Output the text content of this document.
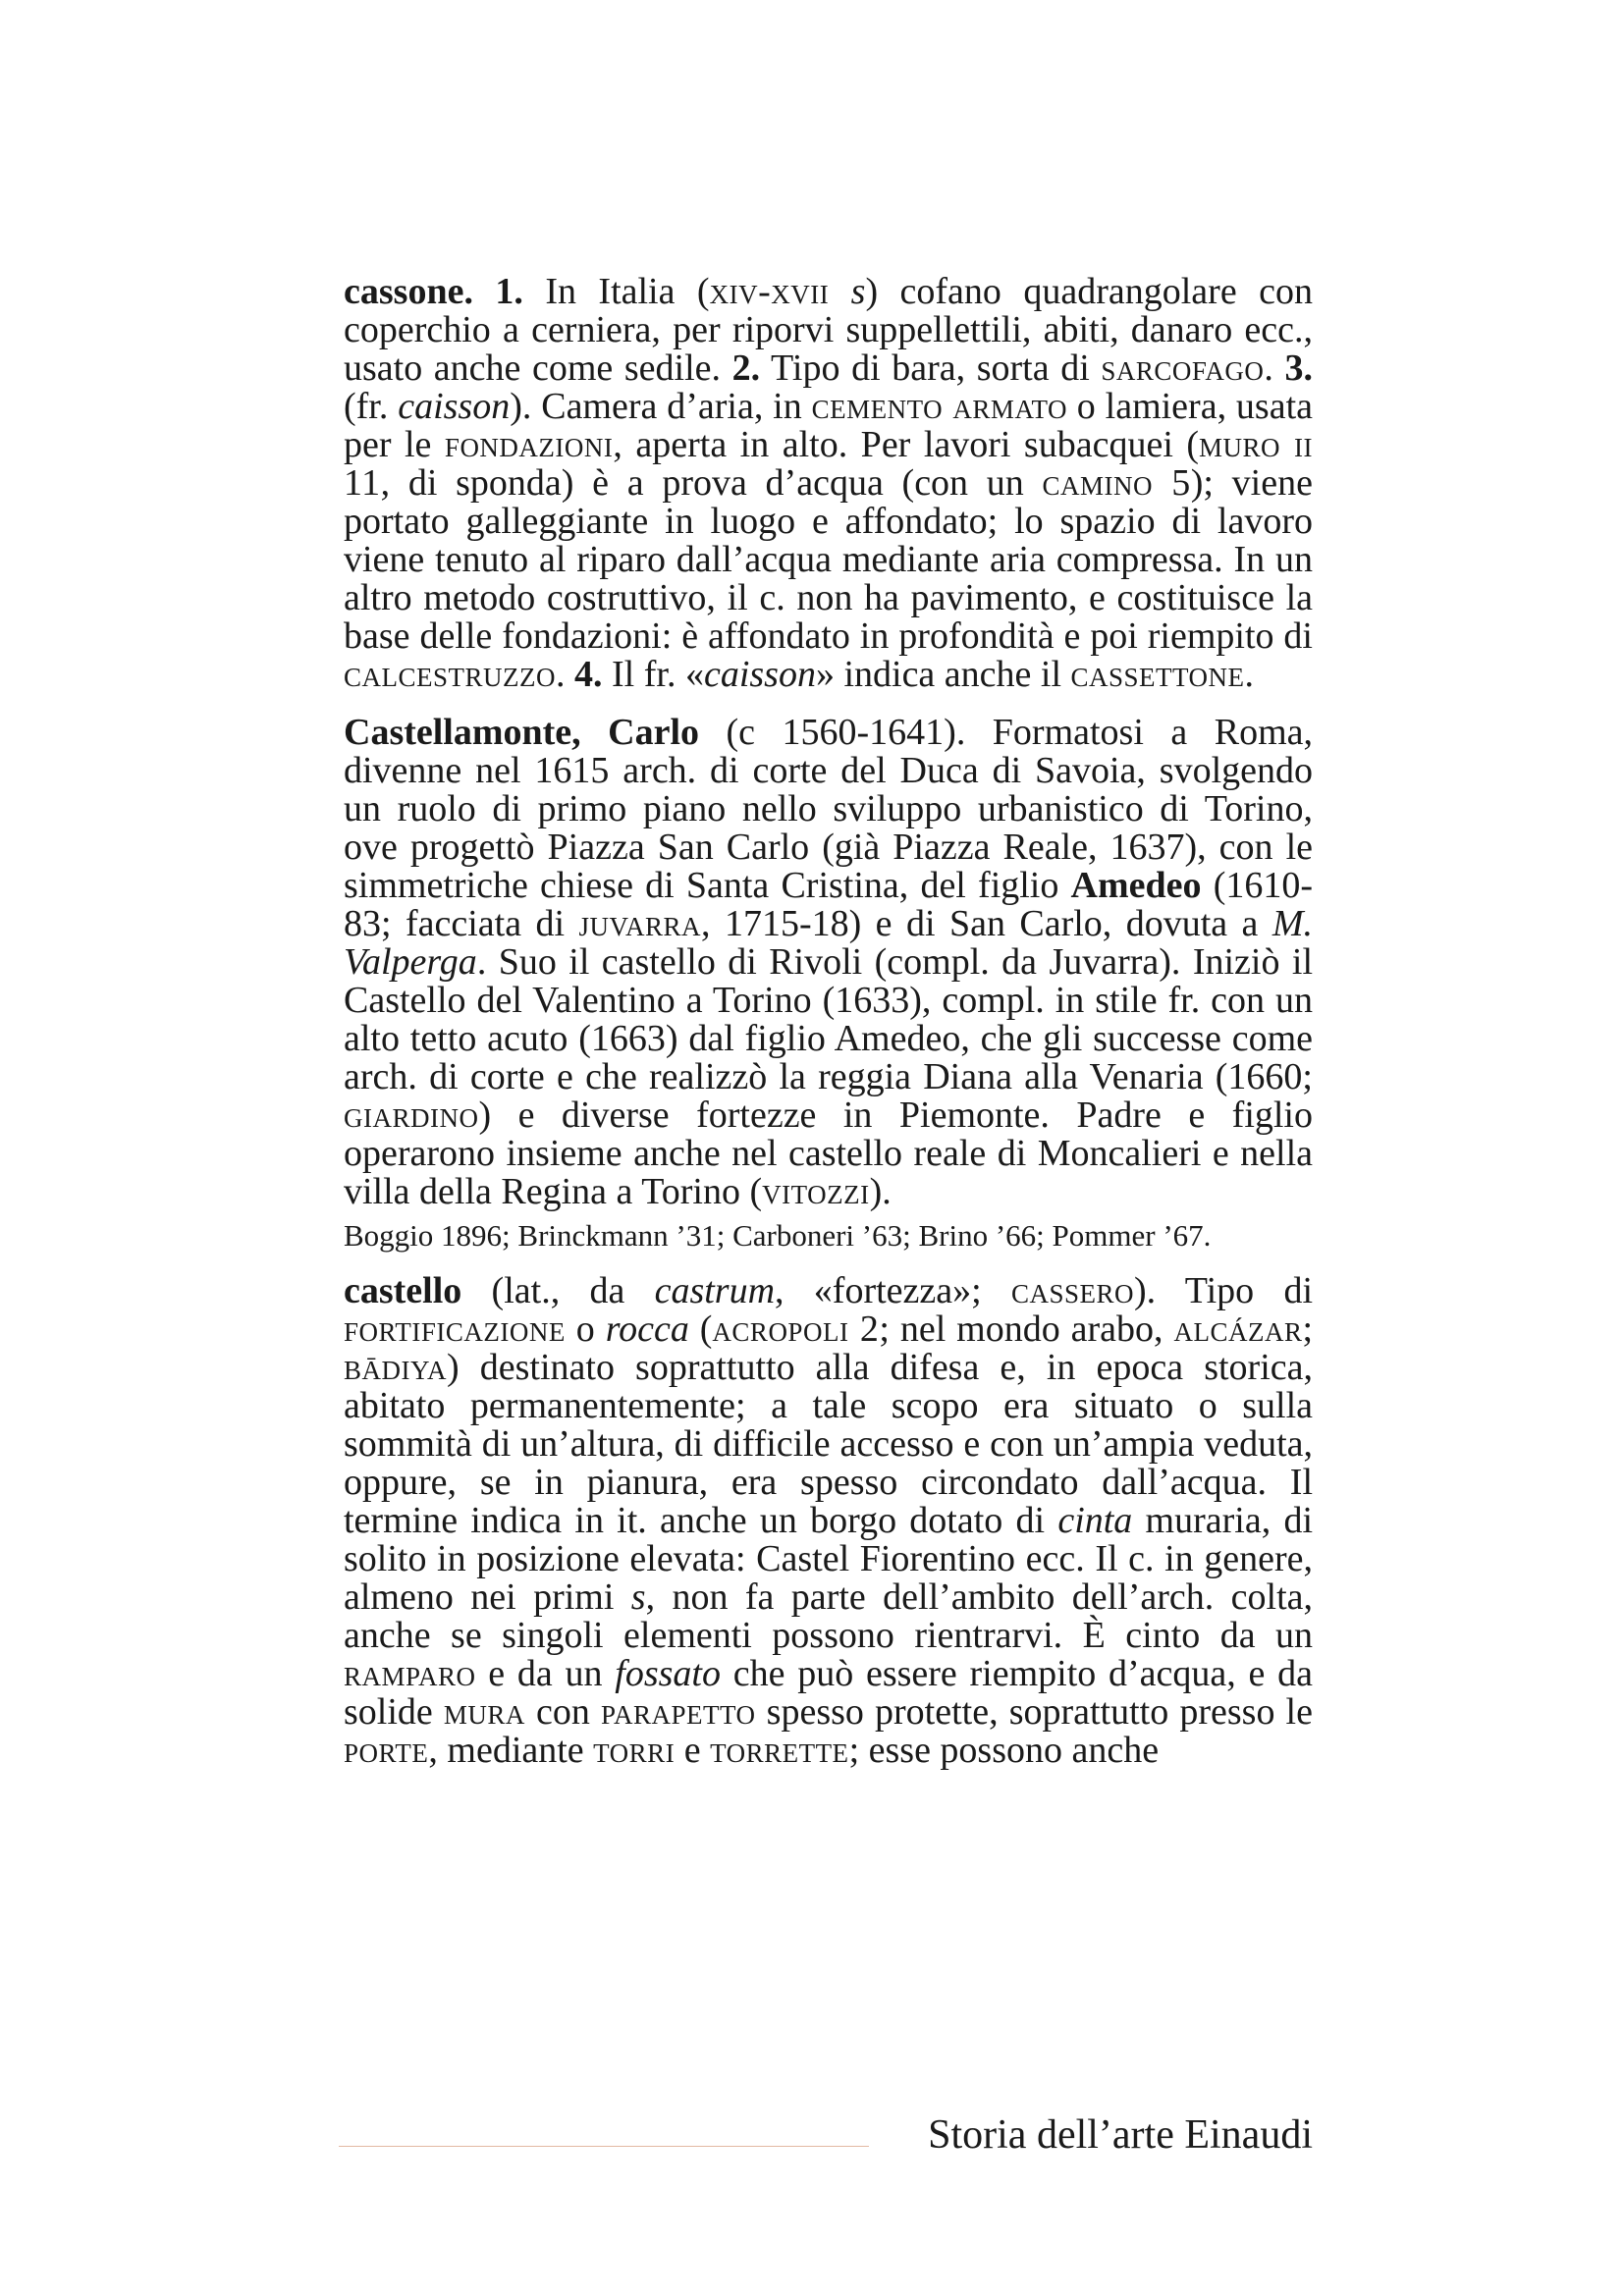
cassone. 1. In Italia (xiv-xvii s) cofano quadrangolare con coperchio a cerniera, per riporvi suppellettili, abiti, danaro ecc., usato anche come sedile. 2. Tipo di bara, sorta di sarcofago. 3. (fr. caisson). Camera d’aria, in cemento armato o lamiera, usata per le fondazioni, aperta in alto. Per lavori subacquei (muro ii 11, di sponda) è a prova d’acqua (con un camino 5); viene portato galleggiante in luogo e affondato; lo spazio di lavoro viene tenuto al riparo dall’acqua mediante aria compressa. In un altro metodo costruttivo, il c. non ha pavimento, e costituisce la base delle fondazioni: è affondato in profondità e poi riempito di calcestruzzo. 4. Il fr. «caisson» indica anche il cassettone.

Castellamonte, Carlo (c 1560-1641). Formatosi a Roma, divenne nel 1615 arch. di corte del Duca di Savoia, svolgendo un ruolo di primo piano nello sviluppo urbanistico di Torino, ove progettò Piazza San Carlo (già Piazza Reale, 1637), con le simmetriche chiese di Santa Cristina, del figlio Amedeo (1610-83; facciata di juvarra, 1715-18) e di San Carlo, dovuta a M. Valperga. Suo il castello di Rivoli (compl. da Juvarra). Iniziò il Castello del Valentino a Torino (1633), compl. in stile fr. con un alto tetto acuto (1663) dal figlio Amedeo, che gli successe come arch. di corte e che realizzò la reggia Diana alla Venaria (1660; giardino) e diverse fortezze in Piemonte. Padre e figlio operarono insieme anche nel castello reale di Moncalieri e nella villa della Regina a Torino (vitozzi).

Boggio 1896; Brinckmann ’31; Carboneri ’63; Brino ’66; Pommer ’67.

castello (lat., da castrum, «fortezza»; cassero). Tipo di fortificazione o rocca (acropoli 2; nel mondo arabo, alcázar; bādiya) destinato soprattutto alla difesa e, in epoca storica, abitato permanentemente; a tale scopo era situato o sulla sommità di un’altura, di difficile accesso e con un’ampia veduta, oppure, se in pianura, era spesso circondato dall’acqua. Il termine indica in it. anche un borgo dotato di cinta muraria, di solito in posizione elevata: Castel Fiorentino ecc. Il c. in genere, almeno nei primi s, non fa parte dell’ambito dell’arch. colta, anche se singoli elementi possono rientrarvi. È cinto da un ramparo e da un fossato che può essere riempito d’acqua, e da solide mura con parapetto spesso protette, soprattutto presso le porte, mediante torri e torrette; esse possono anche

Storia dell’arte Einaudi
